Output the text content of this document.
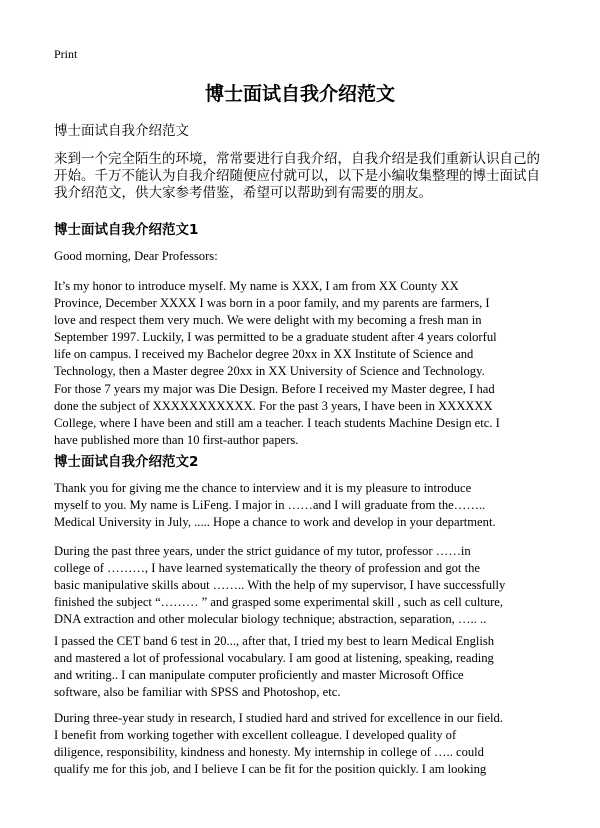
Print
博士面试自我介绍范文
博士面试自我介绍范文
来到一个完全陌生的环境，常常要进行自我介绍，自我介绍是我们重新认识自己的
开始。千万不能认为自我介绍随便应付就可以，以下是小编收集整理的博士面试自
我介绍范文，供大家参考借鉴，希望可以帮助到有需要的朋友。
博士面试自我介绍范文1
Good morning, Dear Professors:
It’s my honor to introduce myself. My name is XXX, I am from XX County XX
Province, December XXXX I was born in a poor family, and my parents are farmers, I
love and respect them very much. We were delight with my becoming a fresh man in
September 1997. Luckily, I was permitted to be a graduate student after 4 years colorful
life on campus. I received my Bachelor degree 20xx in XX Institute of Science and
Technology, then a Master degree 20xx in XX University of Science and Technology.
For those 7 years my major was Die Design. Before I received my Master degree, I had
done the subject of XXXXXXXXXXX. For the past 3 years, I have been in XXXXXX
College, where I have been and still am a teacher. I teach students Machine Design etc. I
have published more than 10 first-author papers.
博士面试自我介绍范文2
Thank you for giving me the chance to interview and it is my pleasure to introduce
myself to you. My name is LiFeng. I major in ……and I will graduate from the……..
Medical University in July, ..... Hope a chance to work and develop in your department.
During the past three years, under the strict guidance of my tutor, professor ……in
college of ………, I have learned systematically the theory of profession and got the
basic manipulative skills about …….. With the help of my supervisor, I have successfully
finished the subject “……… ” and grasped some experimental skill , such as cell culture,
DNA extraction and other molecular biology technique; abstraction, separation, ….. ..
I passed the CET band 6 test in 20..., after that, I tried my best to learn Medical English
and mastered a lot of professional vocabulary. I am good at listening, speaking, reading
and writing.. I can manipulate computer proficiently and master Microsoft Office
software, also be familiar with SPSS and Photoshop, etc.
During three-year study in research, I studied hard and strived for excellence in our field.
I benefit from working together with excellent colleague. I developed quality of
diligence, responsibility, kindness and honesty. My internship in college of ….. could
qualify me for this job, and I believe I can be fit for the position quickly. I am looking
